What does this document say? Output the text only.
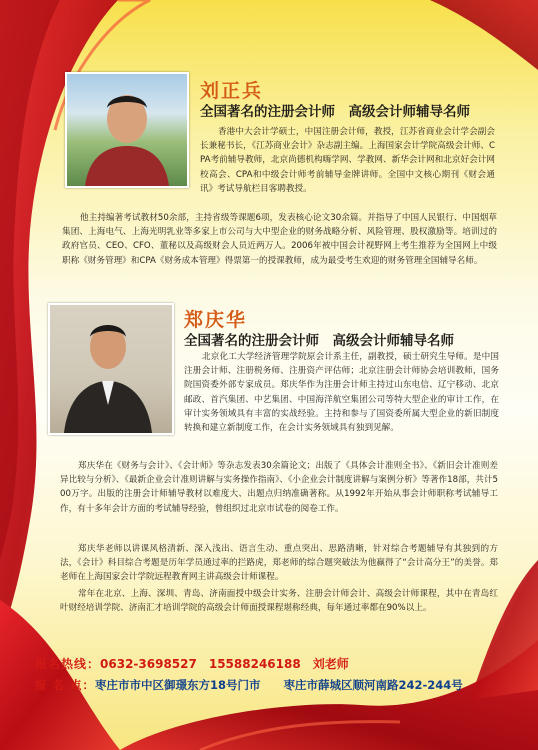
刘正兵
全国著名的注册会计师　高级会计师辅导名师
香港中大会计学硕士，中国注册会计师，教授，江苏省商业会计学会副会长兼秘书长，《江苏商业会计》杂志副主编。上海国家会计学院高级会计师、CPA考前辅导教师，北京尚德机构嗨学网、学教网、新华会计网和北京好会计网校高会、CPA和中级会计师考前辅导金牌讲师。全国中文核心期刊《财会通讯》考试导航栏目客聘教授。
他主持编著考试教材50余部，主持省级等课题6项，发表核心论文30余篇。并指导了中国人民银行、中国烟草集团、上海电气、上海光明乳业等多家上市公司与大中型企业的财务战略分析、风险管理、股权激励等。培训过的政府官员、CEO、CFO、董秘以及高级财会人员近两万人。2006年被中国会计视野网上考生推荐为全国网上中级职称《财务管理》和CPA《财务成本管理》得票第一的授课教师，成为最受考生欢迎的财务管理全国辅导名师。
郑庆华
全国著名的注册会计师　高级会计师辅导名师
北京化工大学经济管理学院原会计系主任，副教授，硕士研究生导师。是中国注册会计师、注册税务师、注册资产评估师；北京注册会计师协会培训教师，国务院国资委外部专家成员。郑庆华作为注册会计师主持过山东电信、辽宁移动、北京邮政、首汽集团、中艺集团、中国海洋航空集团公司等特大型企业的审计工作，在审计实务领域具有丰富的实战经验。主持和参与了国资委所属大型企业的新旧制度转换和建立新制度工作，在会计实务领域具有独到见解。
郑庆华在《财务与会计》、《会计师》等杂志发表30余篇论文；出版了《具体会计准则全书》、《新旧会计准则差异比较与分析》、《最新企业会计准则讲解与实务操作指南》、《小企业会计制度讲解与案例分析》等著作18部，共计500万字。出版的注册会计师辅导教材以难度大、出题点归纳准确著称。从1992年开始从事会计师职称考试辅导工作，有十多年会计方面的考试辅导经验，曾组织过北京市试卷的阅卷工作。
郑庆华老师以讲课风格清新、深入浅出、语言生动、重点突出、思路清晰，针对综合考题辅导有其独到的方法，《会计》科目综合考题是历年学员通过率的拦路虎，郑老师的综合题突破法为他赢得了“会计高分王”的美誉。郑老师在上海国家会计学院远程教育网主讲高级会计师课程。
常年在北京、上海、深圳、青岛、济南面授中级会计实务、注册会计师会计、高级会计师课程，其中在青岛红叶财经培训学院、济南汇才培训学院的高级会计师面授课程堪称经典，每年通过率都在90%以上。
报名热线：0632-3698527　15588246188　刘老师
报 名 点：枣庄市市中区御璟东方18号门市　　枣庄市薛城区顺河南路242-244号
